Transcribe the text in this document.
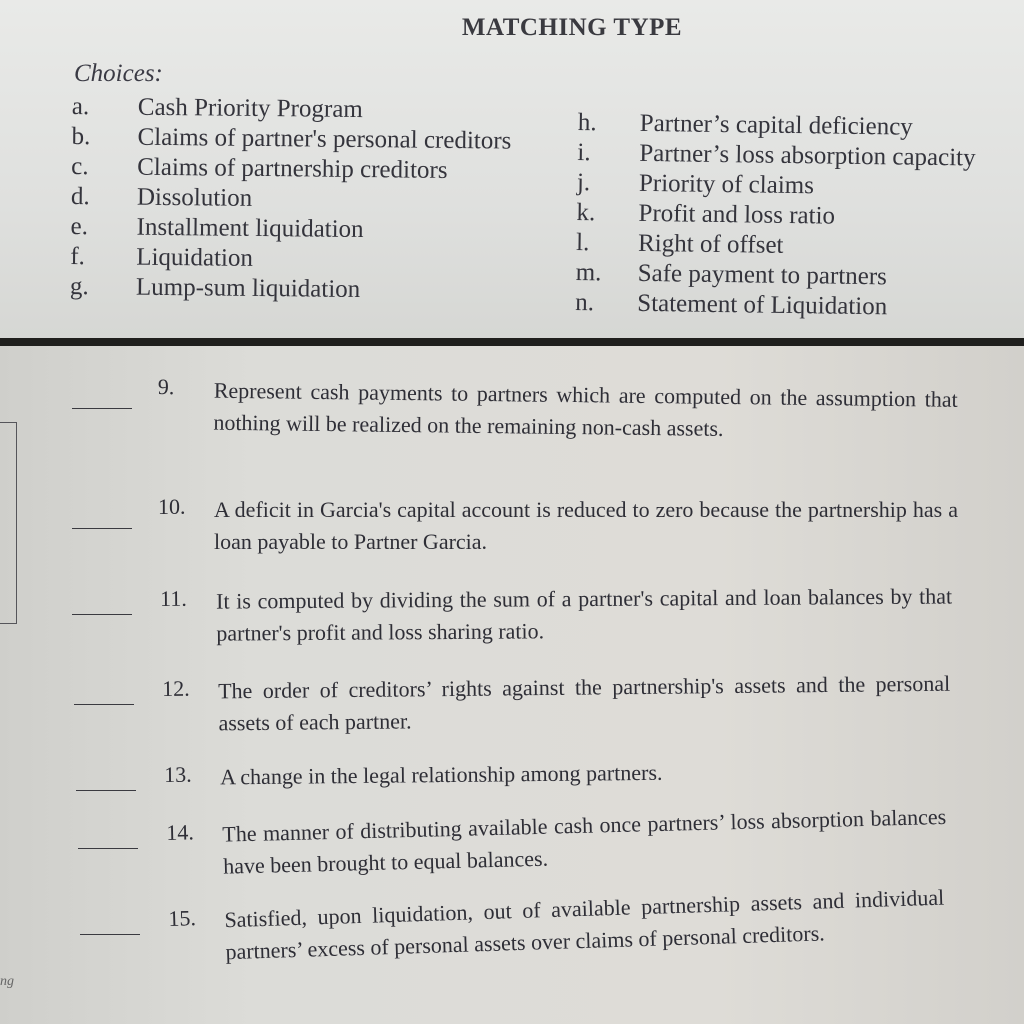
MATCHING TYPE
Choices:
a.	Cash Priority Program
b.	Claims of partner's personal creditors
c.	Claims of partnership creditors
d.	Dissolution
e.	Installment liquidation
f.	Liquidation
g.	Lump-sum liquidation
h.	Partner’s capital deficiency
i.	Partner’s loss absorption capacity
j.	Priority of claims
k.	Profit and loss ratio
l.	Right of offset
m.	Safe payment to partners
n.	Statement of Liquidation
ng
9.	Represent cash payments to partners which are computed on the assumption that nothing will be realized on the remaining non-cash assets.
10.	A deficit in Garcia's capital account is reduced to zero because the partnership has a loan payable to Partner Garcia.
11.	It is computed by dividing the sum of a partner's capital and loan balances by that partner's profit and loss sharing ratio.
12.	The order of creditors’ rights against the partnership's assets and the personal assets of each partner.
13.	A change in the legal relationship among partners.
14.	The manner of distributing available cash once partners’ loss absorption balances have been brought to equal balances.
15.	Satisfied, upon liquidation, out of available partnership assets and individual partners’ excess of personal assets over claims of personal creditors.
